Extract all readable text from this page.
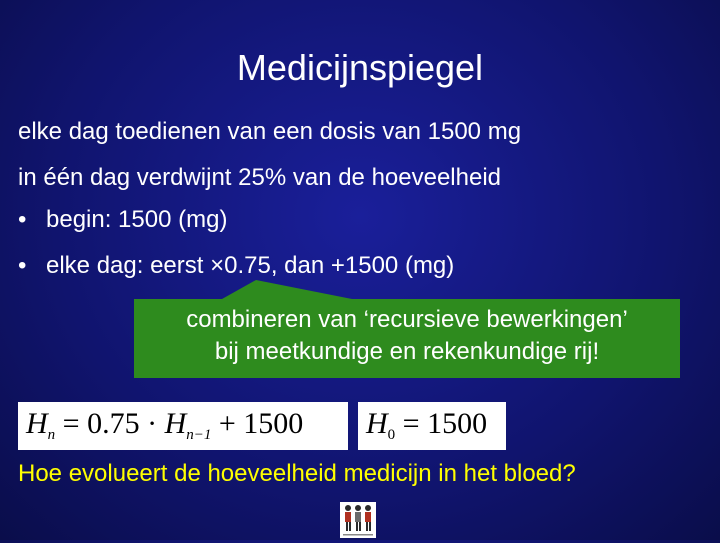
Medicijnspiegel
elke dag toedienen van een dosis van 1500 mg
in één dag verdwijnt 25% van de hoeveelheid
• begin: 1500 (mg)
• elke dag: eerst ×0.75, dan +1500 (mg)
combineren van ‘recursieve bewerkingen’
bij meetkundige en rekenkundige rij!
$H_n = 0.75 \cdot H_{n-1} + 1500$	$H_0 = 1500$
Hoe evolueert de hoeveelheid medicijn in het bloed?
